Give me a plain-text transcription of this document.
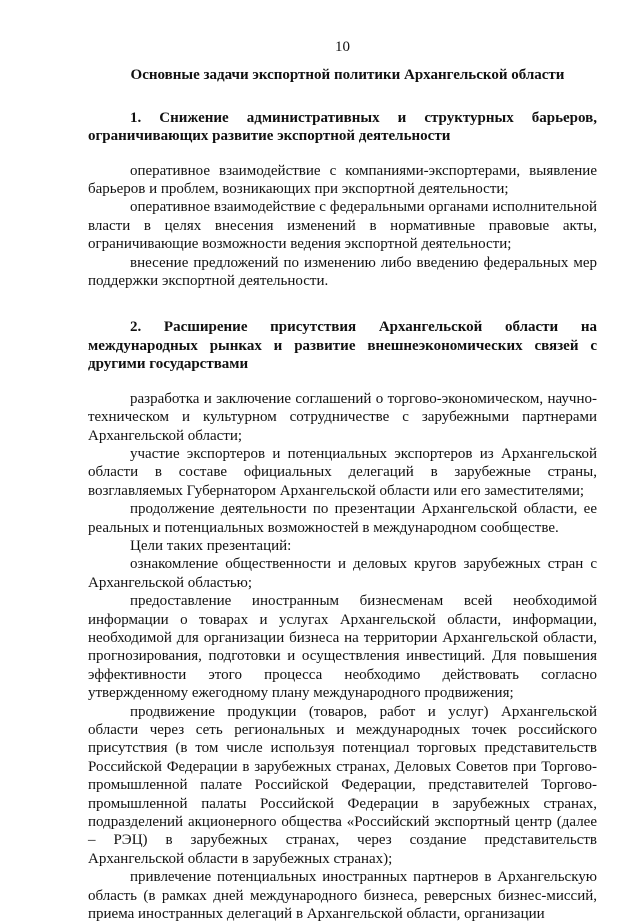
10

Основные задачи экспортной политики Архангельской области

1. Снижение административных и структурных барьеров, ограничивающих развитие экспортной деятельности

оперативное взаимодействие с компаниями-экспортерами, выявление барьеров и проблем, возникающих при экспортной деятельности;

оперативное взаимодействие с федеральными органами исполнительной власти в целях внесения изменений в нормативные правовые акты, ограничивающие возможности ведения экспортной деятельности;

внесение предложений по изменению либо введению федеральных мер поддержки экспортной деятельности.

2. Расширение присутствия Архангельской области на международных рынках и развитие внешнеэкономических связей с другими государствами

разработка и заключение соглашений о торгово-экономическом, научно-техническом и культурном сотрудничестве с зарубежными партнерами Архангельской области;

участие экспортеров и потенциальных экспортеров из Архангельской области в составе официальных делегаций в зарубежные страны, возглавляемых Губернатором Архангельской области или его заместителями;

продолжение деятельности по презентации Архангельской области, ее реальных и потенциальных возможностей в международном сообществе.

Цели таких презентаций:

ознакомление общественности и деловых кругов зарубежных стран с Архангельской областью;

предоставление иностранным бизнесменам всей необходимой информации о товарах и услугах Архангельской области, информации, необходимой для организации бизнеса на территории Архангельской области, прогнозирования, подготовки и осуществления инвестиций. Для повышения эффективности этого процесса необходимо действовать согласно утвержденному ежегодному плану международного продвижения;

продвижение продукции (товаров, работ и услуг) Архангельской области через сеть региональных и международных точек российского присутствия (в том числе используя потенциал торговых представительств Российской Федерации в зарубежных странах, Деловых Советов при Торгово-промышленной палате Российской Федерации, представителей Торгово-промышленной палаты Российской Федерации в зарубежных странах, подразделений акционерного общества «Российский экспортный центр (далее – РЭЦ) в зарубежных странах, через создание представительств Архангельской области в зарубежных странах);

привлечение потенциальных иностранных партнеров в Архангельскую область (в рамках дней международного бизнеса, реверсных бизнес-миссий, приема иностранных делегаций в Архангельской области, организации
